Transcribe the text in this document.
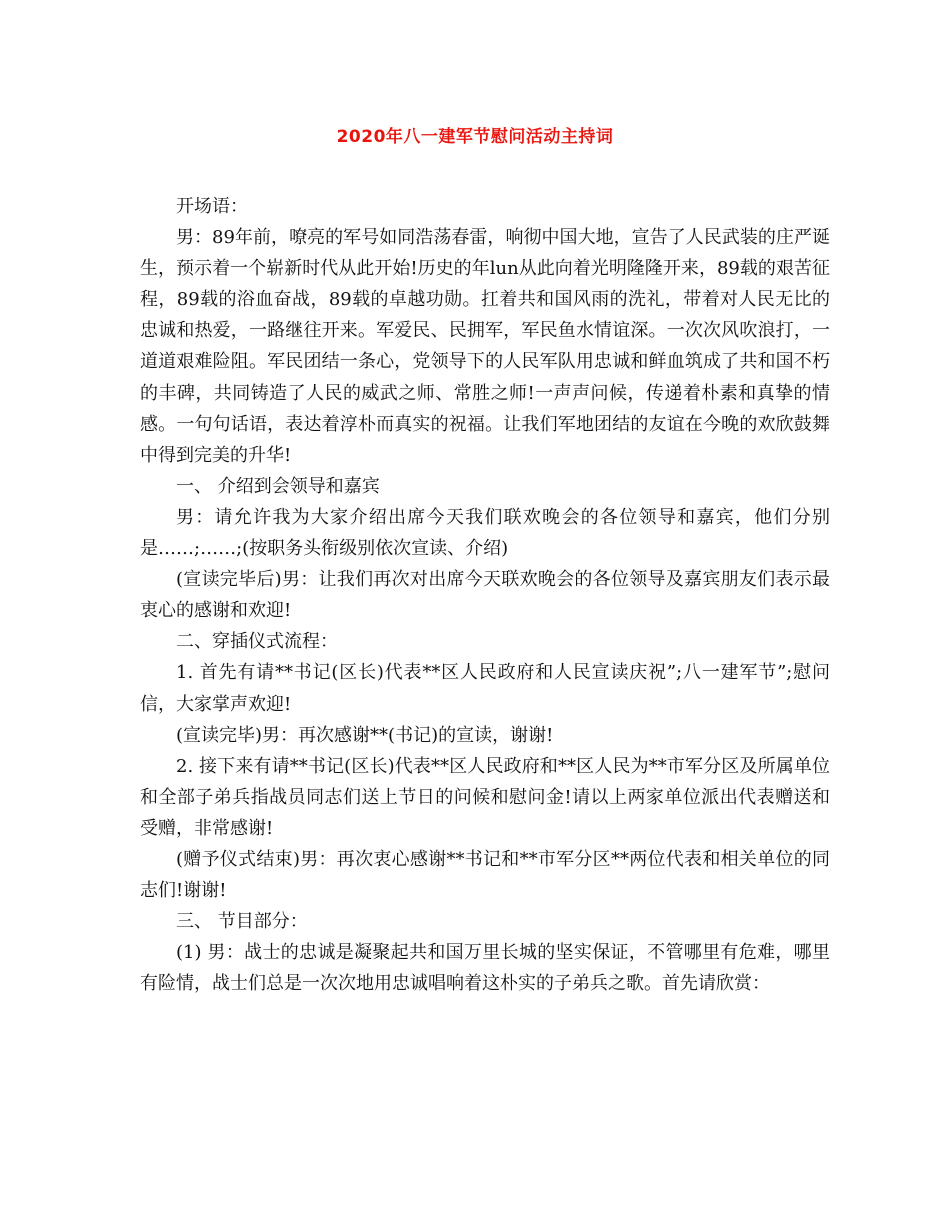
2020年八一建军节慰问活动主持词

开场语：

男：89年前，嘹亮的军号如同浩荡春雷，响彻中国大地，宣告了人民武装的庄严诞生，预示着一个崭新时代从此开始!历史的年lun从此向着光明隆隆开来，89载的艰苦征程，89载的浴血奋战，89载的卓越功勋。扛着共和国风雨的洗礼，带着对人民无比的忠诚和热爱，一路继往开来。军爱民、民拥军，军民鱼水情谊深。一次次风吹浪打，一道道艰难险阻。军民团结一条心，党领导下的人民军队用忠诚和鲜血筑成了共和国不朽的丰碑，共同铸造了人民的威武之师、常胜之师!一声声问候，传递着朴素和真挚的情感。一句句话语，表达着淳朴而真实的祝福。让我们军地团结的友谊在今晚的欢欣鼓舞中得到完美的升华!

一、 介绍到会领导和嘉宾

男：请允许我为大家介绍出席今天我们联欢晚会的各位领导和嘉宾，他们分别是……;……;(按职务头衔级别依次宣读、介绍)

(宣读完毕后)男：让我们再次对出席今天联欢晚会的各位领导及嘉宾朋友们表示最衷心的感谢和欢迎!

二、穿插仪式流程：

1. 首先有请**书记(区长)代表**区人民政府和人民宣读庆祝”;八一建军节”;慰问信，大家掌声欢迎!

(宣读完毕)男：再次感谢**(书记)的宣读，谢谢!

2. 接下来有请**书记(区长)代表**区人民政府和**区人民为**市军分区及所属单位和全部子弟兵指战员同志们送上节日的问候和慰问金!请以上两家单位派出代表赠送和受赠，非常感谢!

(赠予仪式结束)男：再次衷心感谢**书记和**市军分区**两位代表和相关单位的同志们!谢谢!

三、 节目部分：

(1) 男：战士的忠诚是凝聚起共和国万里长城的坚实保证，不管哪里有危难，哪里有险情，战士们总是一次次地用忠诚唱响着这朴实的子弟兵之歌。首先请欣赏：
